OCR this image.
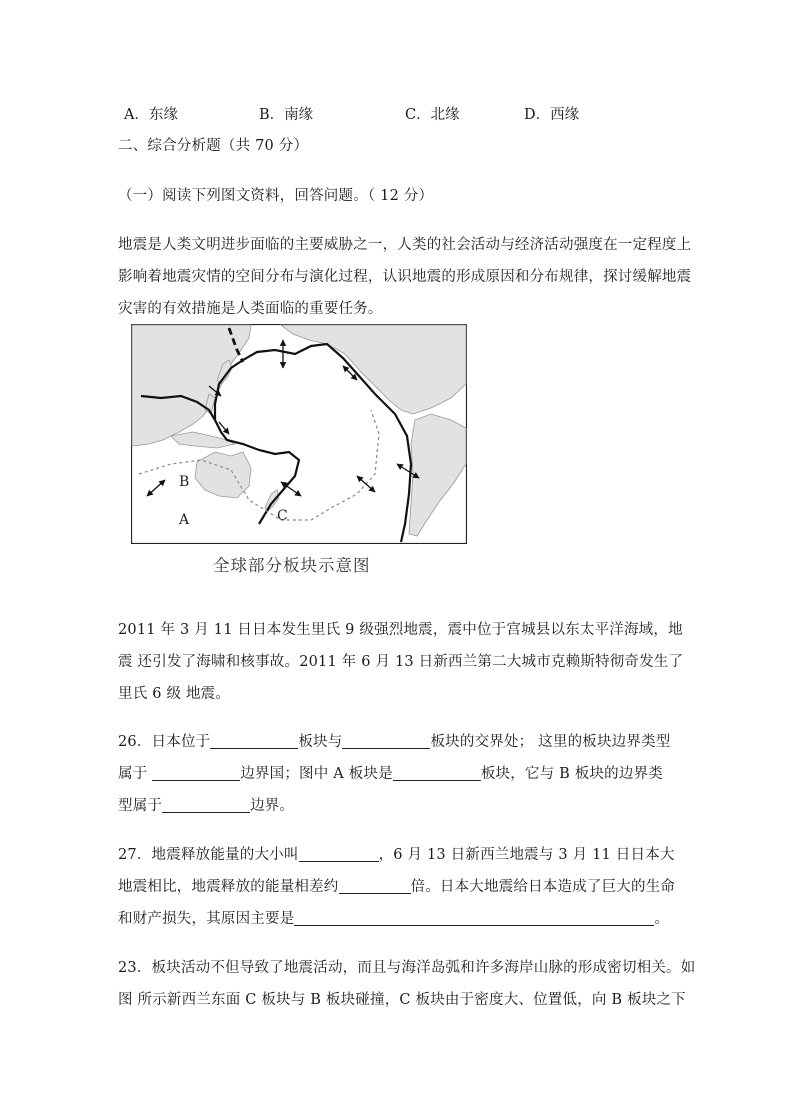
A．东缘	B．南缘	C．北缘	D．西缘
二、综合分析题（共 70 分）
（一）阅读下列图文资料，回答问题。（ 12 分）
地震是人类文明进步面临的主要威胁之一，人类的社会活动与经济活动强度在一定程度上
影响着地震灾情的空间分布与演化过程，认识地震的形成原因和分布规律，探讨缓解地震
灾害的有效措施是人类面临的重要任务。
B
A	C
全球部分板块示意图
2011 年 3 月 11 日日本发生里氏 9 级强烈地震，震中位于宫城县以东太平洋海域，地
震 还引发了海啸和核事故。2011 年 6 月 13 日新西兰第二大城市克赖斯特彻奇发生了
里氏 6 级 地震。
26．日本位于	板块与	板块的交界处； 这里的板块边界类型
属于	边界国；图中 A 板块是	板块，它与 B 板块的边界类
型属于	边界。
27．地震释放能量的大小叫	，6 月 13 日新西兰地震与 3 月 11 日日本大
地震相比，地震释放的能量相差约	倍。日本大地震给日本造成了巨大的生命
和财产损失，其原因主要是	。
23．板块活动不但导致了地震活动，而且与海洋岛弧和许多海岸山脉的形成密切相关。如
图 所示新西兰东面 C 板块与 B 板块碰撞，C 板块由于密度大、位置低，向 B 板块之下
